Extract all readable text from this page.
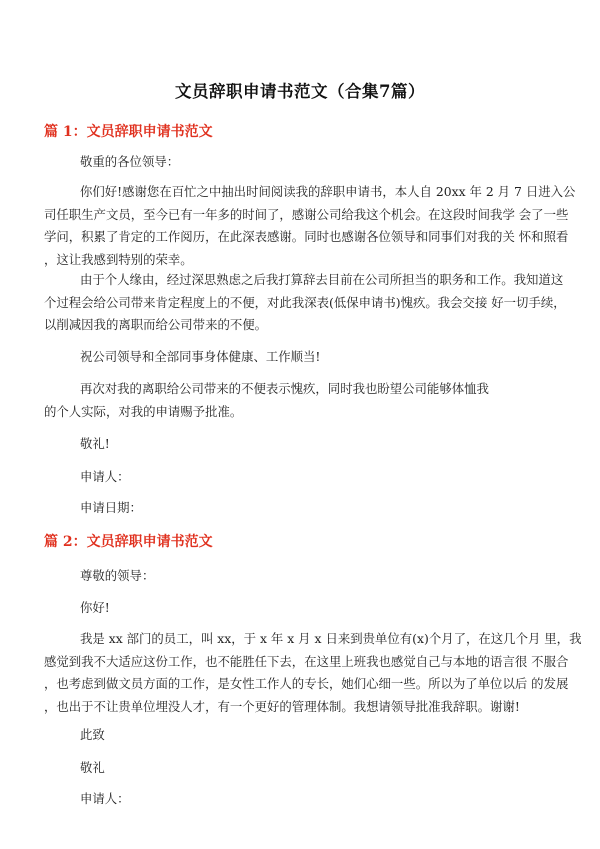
文员辞职申请书范文（合集7篇）
篇 1：文员辞职申请书范文
敬重的各位领导：
你们好!感谢您在百忙之中抽出时间阅读我的辞职申请书，本人自 20xx 年 2 月 7 日进入公
司任职生产文员，至今已有一年多的时间了，感谢公司给我这个机会。在这段时间我学 会了一些
学问，积累了肯定的工作阅历，在此深表感谢。同时也感谢各位领导和同事们对我的关 怀和照看
，这让我感到特别的荣幸。
由于个人缘由，经过深思熟虑之后我打算辞去目前在公司所担当的职务和工作。我知道这
个过程会给公司带来肯定程度上的不便，对此我深表(低保申请书)愧疚。我会交接 好一切手续，
以削减因我的离职而给公司带来的不便。
祝公司领导和全部同事身体健康、工作顺当!
再次对我的离职给公司带来的不便表示愧疚，同时我也盼望公司能够体恤我
的个人实际，对我的申请赐予批准。
敬礼!
申请人：
申请日期：
篇 2：文员辞职申请书范文
尊敬的领导：
你好!
我是 xx 部门的员工，叫 xx，于 x 年 x 月 x 日来到贵单位有(x)个月了，在这几个月 里，我
感觉到我不大适应这份工作，也不能胜任下去，在这里上班我也感觉自己与本地的语言很 不服合
，也考虑到做文员方面的工作，是女性工作人的专长，她们心细一些。所以为了单位以后 的发展
，也出于不让贵单位埋没人才，有一个更好的管理体制。我想请领导批准我辞职。谢谢!
此致
敬礼
申请人：
